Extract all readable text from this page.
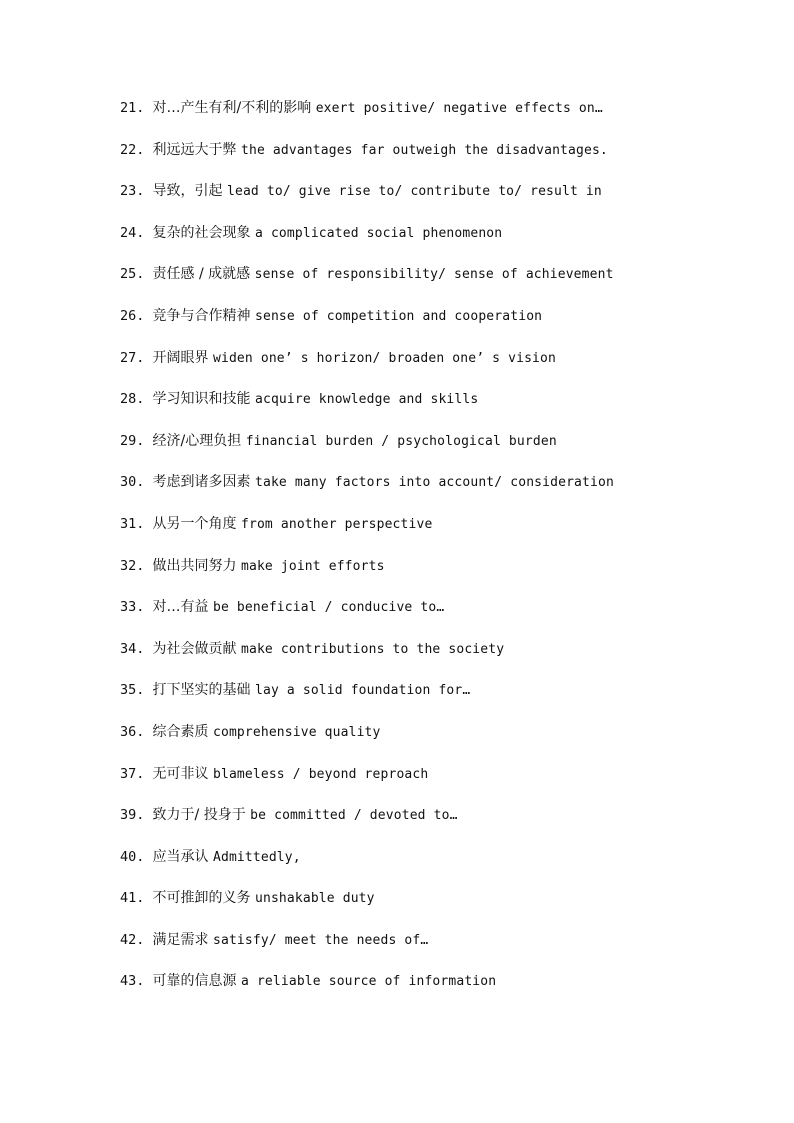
21. 对…产生有利/不利的影响 exert positive/ negative effects on…
22. 利远远大于弊 the advantages far outweigh the disadvantages.
23. 导致，引起 lead to/ give rise to/ contribute to/ result in
24. 复杂的社会现象 a complicated social phenomenon
25. 责任感 / 成就感 sense of responsibility/ sense of achievement
26. 竞争与合作精神 sense of competition and cooperation
27. 开阔眼界 widen one’ s horizon/ broaden one’ s vision
28. 学习知识和技能 acquire knowledge and skills
29. 经济/心理负担 financial burden / psychological burden
30. 考虑到诸多因素 take many factors into account/ consideration
31. 从另一个角度 from another perspective
32. 做出共同努力 make joint efforts
33. 对…有益 be beneficial / conducive to…
34. 为社会做贡献 make contributions to the society
35. 打下坚实的基础 lay a solid foundation for…
36. 综合素质 comprehensive quality
37. 无可非议 blameless / beyond reproach
39. 致力于/ 投身于 be committed / devoted to…
40. 应当承认 Admittedly,
41. 不可推卸的义务 unshakable duty
42. 满足需求 satisfy/ meet the needs of…
43. 可靠的信息源 a reliable source of information
